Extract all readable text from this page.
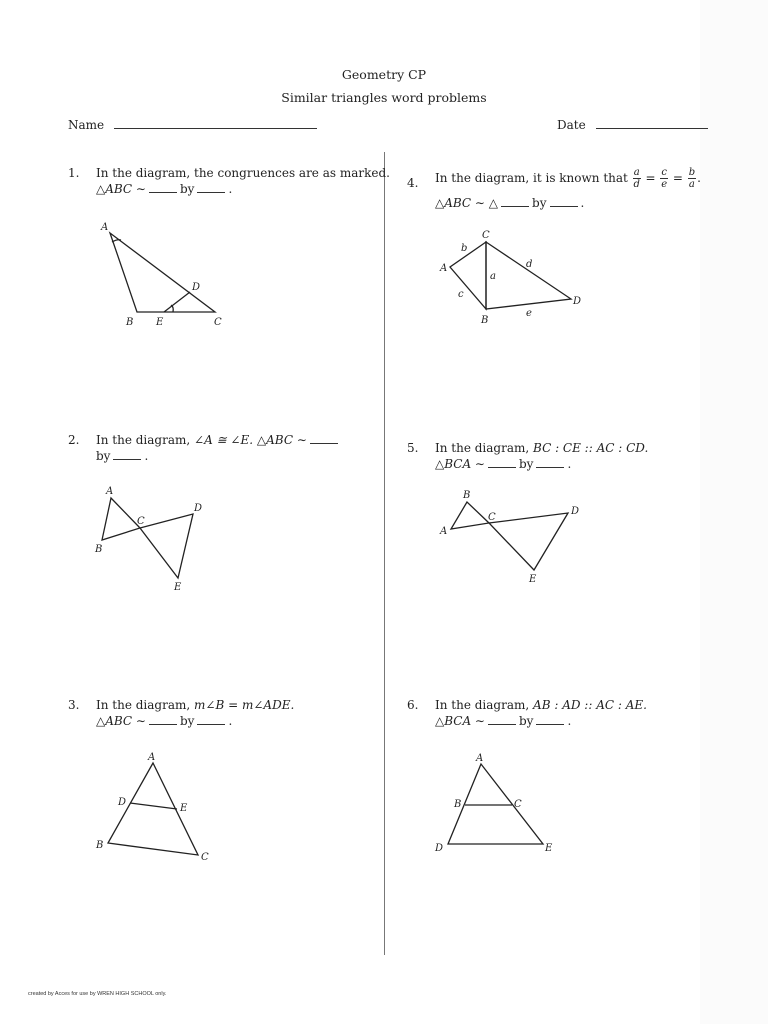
Geometry CP
Similar triangles word problems
Name	Date
1. In the diagram, the congruences are as marked.
△ABC ∼	by	.
A
B E	C
D
2. In the diagram, ∠A ≅ ∠E. △ABC ∼
by	.
A
B
C
D
E
3. In the diagram, m∠B = m∠ADE.
△ABC ∼	by	.
A
D
E
B
C
4. In the diagram, it is known that $\frac{a}{d} = \frac{c}{e} = \frac{b}{a}$ .
△ABC ∼ △	by	.
C
A
B
D
b
a
d
c
e
5. In the diagram, BC : CE :: AC : CD.
△BCA ∼	by	.
B
C
A
D
E
6. In the diagram, AB : AD :: AC : AE.
△BCA ∼	by	.
A
B	C
D	E
created by Acces for use by WREN HIGH SCHOOL only.
